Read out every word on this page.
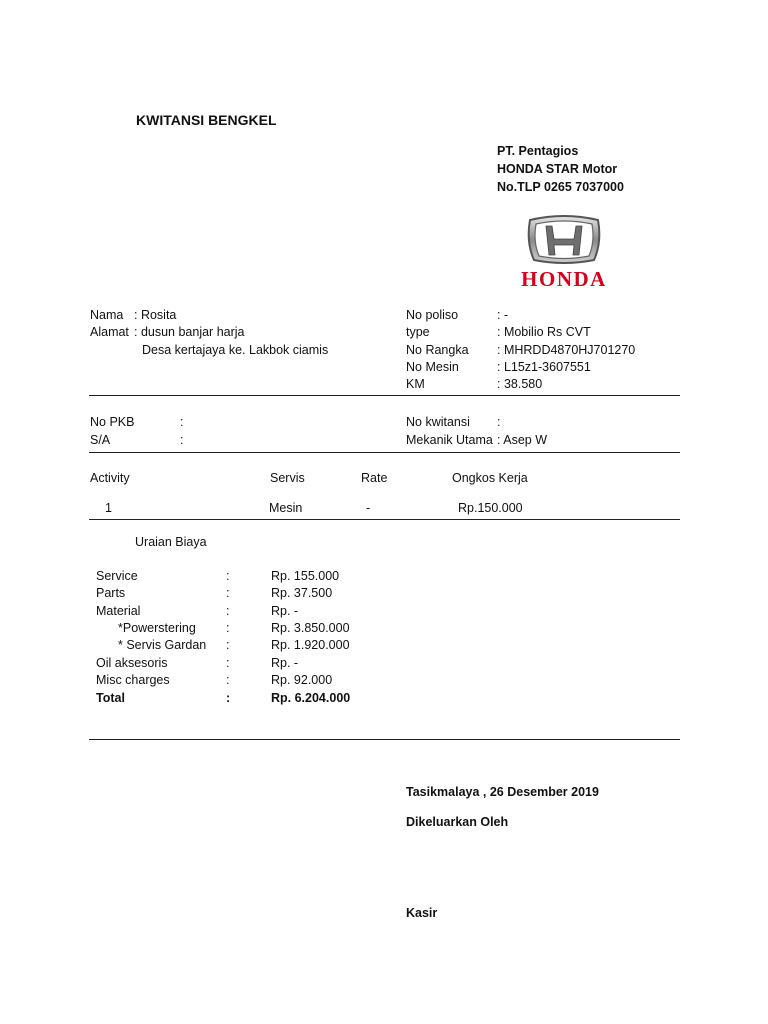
KWITANSI BENGKEL
PT. Pentagios
HONDA STAR Motor
No.TLP 0265 7037000
HONDA
Nama : Rosita
Alamat : dusun banjar harja
Desa kertajaya ke. Lakbok ciamis
No poliso	: -
type	: Mobilio Rs CVT
No Rangka : MHRDD4870HJ701270
No Mesin	: L15z1-3607551
KM	: 38.580
No PKB	:
S/A	:
No kwitansi :
Mekanik Utama : Asep W
Activity	Servis	Rate	Ongkos Kerja
1	Mesin	-	Rp.150.000
Uraian Biaya
Service	:	Rp. 155.000
Parts	:	Rp. 37.500
Material	:	Rp. -
*Powerstering :	Rp. 3.850.000
* Servis Gardan :	Rp. 1.920.000
Oil aksesoris	:	Rp. -
Misc charges	:	Rp. 92.000
Total	:	Rp. 6.204.000
Tasikmalaya , 26 Desember 2019
Dikeluarkan Oleh
Kasir
